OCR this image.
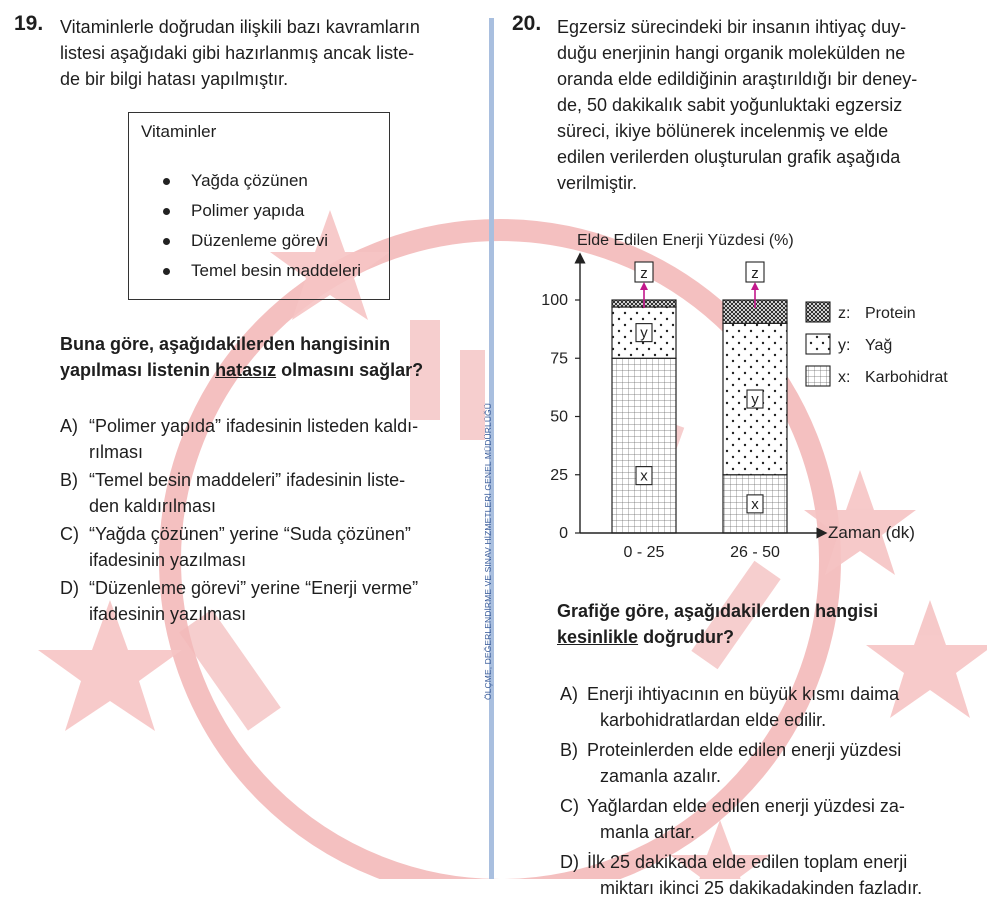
ÖLÇME, DEĞERLENDİRME VE SINAV HİZMETLERİ GENEL MÜDÜRLÜĞÜ
19. Vitaminlerle doğrudan ilişkili bazı kavramların
listesi aşağıdaki gibi hazırlanmış ancak liste-
de bir bilgi hatası yapılmıştır.
Vitaminler
Yağda çözünen
Polimer yapıda
Düzenleme görevi
Temel besin maddeleri
Buna göre, aşağıdakilerden hangisinin
yapılması listenin hatasız olmasını sağlar?
A) “Polimer yapıda” ifadesinin listeden kaldı-
rılması
B) “Temel besin maddeleri” ifadesinin liste-
den kaldırılması
C) “Yağda çözünen” yerine “Suda çözünen”
ifadesinin yazılması
D) “Düzenleme görevi” yerine “Enerji verme”
ifadesinin yazılması
20. Egzersiz sürecindeki bir insanın ihtiyaç duy-
duğu enerjinin hangi organik molekülden ne
oranda elde edildiğinin araştırıldığı bir deney-
de, 50 dakikalık sabit yoğunluktaki egzersiz
süreci, ikiye bölünerek incelenmiş ve elde
edilen verilerden oluşturulan grafik aşağıda
verilmiştir.
Elde Edilen Enerji Yüzdesi (%)
Zaman (dk)
0
25
50
75
100
0 - 25
x
y
z
26 - 50
x
y
z
z: Protein
y: Yağ
x: Karbohidrat
Grafiğe göre, aşağıdakilerden hangisi
kesinlikle doğrudur?
A) Enerji ihtiyacının en büyük kısmı daima
karbohidratlardan elde edilir.
B) Proteinlerden elde edilen enerji yüzdesi
zamanla azalır.
C) Yağlardan elde edilen enerji yüzdesi za-
manla artar.
D) İlk 25 dakikada elde edilen toplam enerji
miktarı ikinci 25 dakikadakinden fazladır.
